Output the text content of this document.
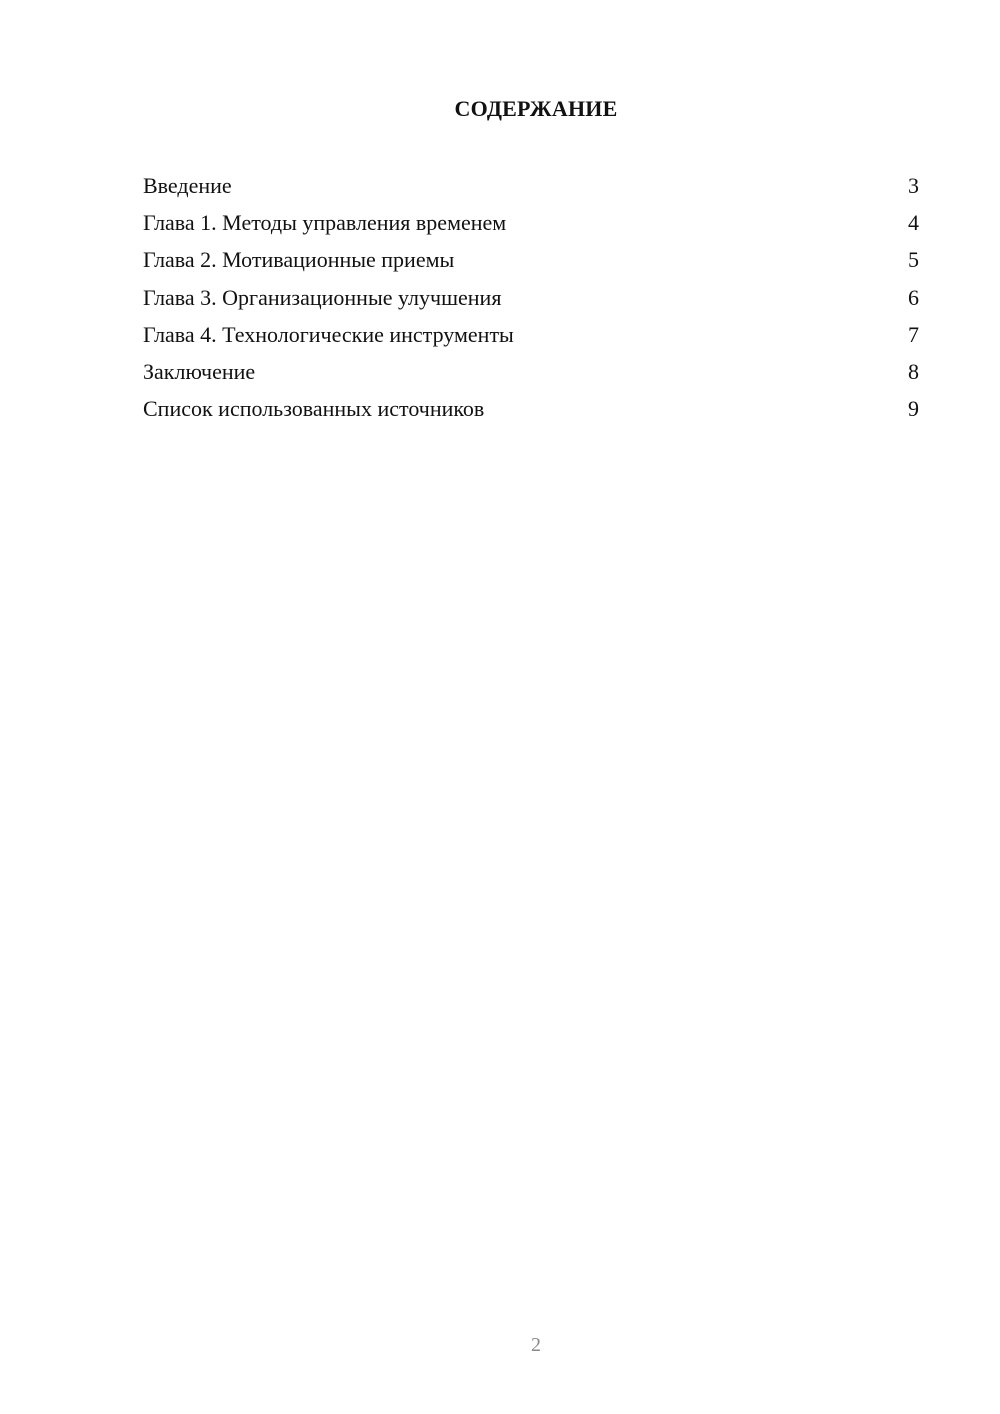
СОДЕРЖАНИЕ
Введение	3
Глава 1. Методы управления временем	4
Глава 2. Мотивационные приемы	5
Глава 3. Организационные улучшения	6
Глава 4. Технологические инструменты	7
Заключение	8
Список использованных источников	9
2
